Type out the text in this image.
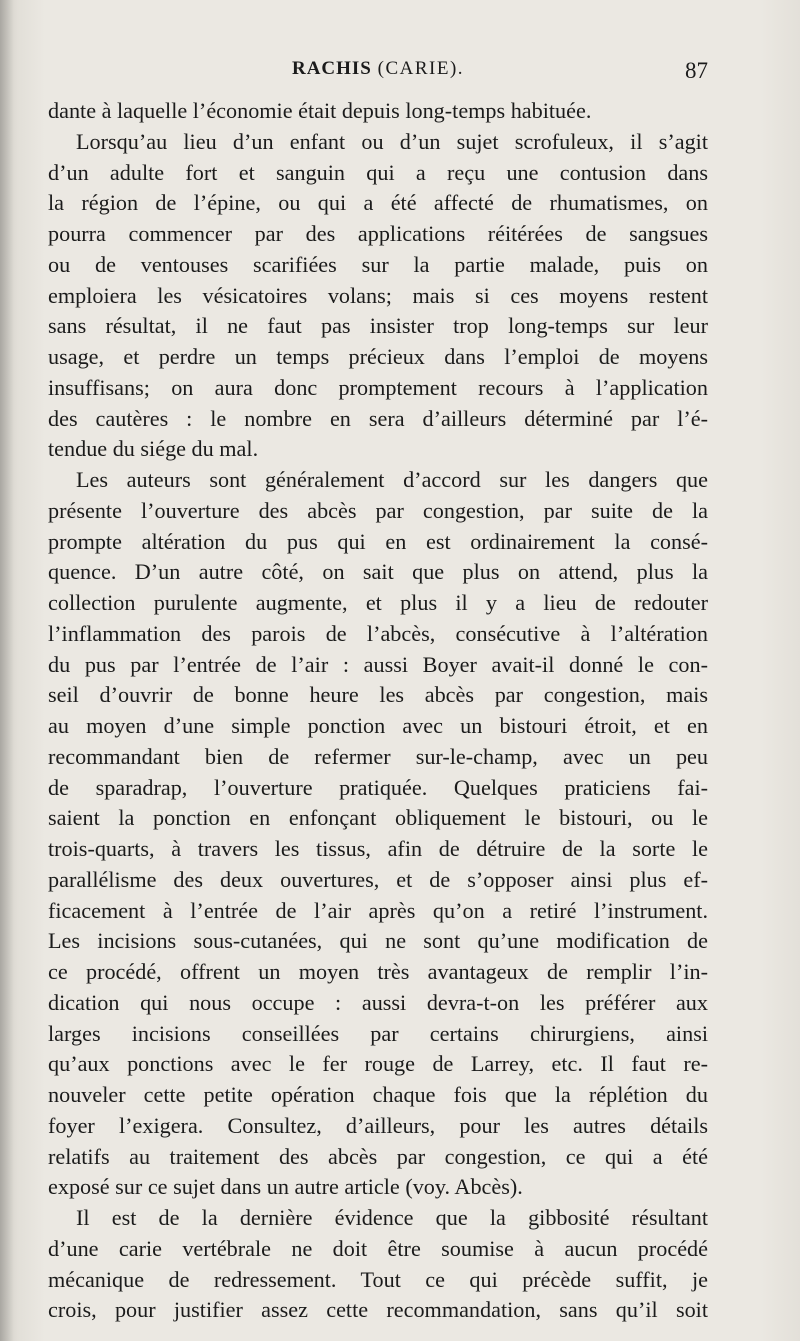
RACHIS (CARIE).	87
dante à laquelle l’économie était depuis long-temps habituée.
Lorsqu’au lieu d’un enfant ou d’un sujet scrofuleux, il s’agit
d’un adulte fort et sanguin qui a reçu une contusion dans
la région de l’épine, ou qui a été affecté de rhumatismes, on
pourra commencer par des applications réitérées de sangsues
ou de ventouses scarifiées sur la partie malade, puis on
emploiera les vésicatoires volans; mais si ces moyens restent
sans résultat, il ne faut pas insister trop long-temps sur leur
usage, et perdre un temps précieux dans l’emploi de moyens
insuffisans; on aura donc promptement recours à l’application
des cautères : le nombre en sera d’ailleurs déterminé par l’é-
tendue du siége du mal.
Les auteurs sont généralement d’accord sur les dangers que
présente l’ouverture des abcès par congestion, par suite de la
prompte altération du pus qui en est ordinairement la consé-
quence. D’un autre côté, on sait que plus on attend, plus la
collection purulente augmente, et plus il y a lieu de redouter
l’inflammation des parois de l’abcès, consécutive à l’altération
du pus par l’entrée de l’air : aussi Boyer avait-il donné le con-
seil d’ouvrir de bonne heure les abcès par congestion, mais
au moyen d’une simple ponction avec un bistouri étroit, et en
recommandant bien de refermer sur-le-champ, avec un peu
de sparadrap, l’ouverture pratiquée. Quelques praticiens fai-
saient la ponction en enfonçant obliquement le bistouri, ou le
trois-quarts, à travers les tissus, afin de détruire de la sorte le
parallélisme des deux ouvertures, et de s’opposer ainsi plus ef-
ficacement à l’entrée de l’air après qu’on a retiré l’instrument.
Les incisions sous-cutanées, qui ne sont qu’une modification de
ce procédé, offrent un moyen très avantageux de remplir l’in-
dication qui nous occupe : aussi devra-t-on les préférer aux
larges incisions conseillées par certains chirurgiens, ainsi
qu’aux ponctions avec le fer rouge de Larrey, etc. Il faut re-
nouveler cette petite opération chaque fois que la réplétion du
foyer l’exigera. Consultez, d’ailleurs, pour les autres détails
relatifs au traitement des abcès par congestion, ce qui a été
exposé sur ce sujet dans un autre article (voy. Abcès).
Il est de la dernière évidence que la gibbosité résultant
d’une carie vertébrale ne doit être soumise à aucun procédé
mécanique de redressement. Tout ce qui précède suffit, je
crois, pour justifier assez cette recommandation, sans qu’il soit
